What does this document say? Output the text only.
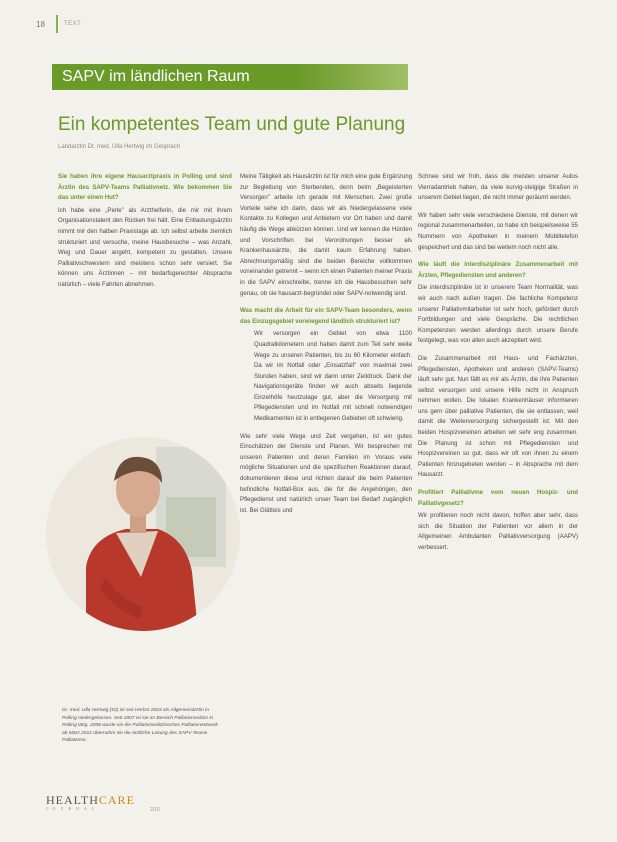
18	TEXT
SAPV im ländlichen Raum
Ein kompetentes Team und gute Planung
Landarztin Dr. med. Ulla Hertwig im Gesprach

Sie haben ihre eigene Hausarztpraxis in Polling und sind Ärztin des SAPV-Teams Palliativnetz. Wie bekommen Sie das unter einen Hut?

Ich habe eine „Perle" als Arzthelferin, die mir mit ihrem Organisationstalent den Rücken frei hält. Eine Entlastungsärztin nimmt mir den halben Praxistage ab. Ich selbst arbeite ziemlich strukturiert und versuche, meine Hausbesuche – was Anzahl, Weg und Dauer angeht, kompetent zu gestalten. Unsere Palliativschwestern sind meistens schon sehr versiert. Sie können uns Ärztinnen – mit bedarfsgerechter Absprache natürlich – viele Fahrten abnehmen.

Meine Tätigkeit als Hausärztin ist für mich eine gute Ergänzung zur Begleitung von Sterbenden, denn beim „Begeisterten Versorgen" arbeite ich gerade mit Menschen. Zwei große Vorteile sehe ich darin, dass wir als Niedergelassene viele Kontakte zu Kollegen und Anbietern vor Ort haben und damit häufig die Wege abkürzen können. Und wir kennen die Hürden und Vorschriften bei Verordnungen besser als Krankenhausärzte, die damit kaum Erfahrung haben. Abrechnungsmäßig sind die beiden Bereiche vollkommen voneinander getrennt – wenn ich einen Patienten meiner Praxis in die SAPV einschreibe, trenne ich die Hausbesuchen sehr genau, ob sie hausarzt-begründet oder SAPV-notwendig sind.

Was macht die Arbeit für ein SAPV-Team besonders, wenn das Einzugsgebiet vorwiegend ländlich strukturiert ist?

Wir versorgen ein Gebiet von etwa 1100 Quadratkilometern und haben damit zum Teil sehr weite Wege zu unseren Patienten, bis zu 60 Kilometer einfach. Da wir im Notfall oder „Einsatzfall" von maximal zwei Stunden haben, sind wir dann unter Zeitdruck. Dank der Navigationsgeräte finden wir auch abseits liegende Einzelhöfe heutzutage gut, aber die Versorgung mit Pflegediensten und im Notfall mit schnell notwendigen Medikamenten ist in entlegenen Gebieten oft schwierig.

Wie sehr viele Wege und Zeit vergehen, ist ein gutes Einschätzen der Dienste und Planen. Wir besprechen mit unseren Patienten und deren Familien im Voraus viele mögliche Situationen und die spezifischen Reaktionen darauf, dokumentieren diese und richten darauf die beim Patienten befindliche Notfall-Box aus, die für die Angehörigen, den Pflegedienst und natürlich unser Team bei Bedarf zugänglich ist. Bei Glätteis und

Schnee sind wir froh, dass die meisten unserer Autos Vierradantrieb haben, da viele kurvig-steigige Straßen in unserem Gebiet liegen, die nicht immer geräumt werden.

Wir haben sehr viele verschiedene Dienste, mit denen wir regional zusammenarbeiten, so habe ich beispielsweise 55 Nummern von Apotheken in meinem Mobiltelefon gespeichert und das sind bei weitem noch nicht alle.

Wie läuft die interdisziplinäre Zusammenarbeit mit Ärzten, Pflegediensten und anderen?

Die interdisziplinäre ist in unserem Team Normalität, was wir auch nach außen tragen. Die fachliche Kompetenz unserer Palliativmitarbeiter ist sehr hoch, gefördert durch Fortbildungen und viele Gespräche. Die rechtlichen Kompetenzen werden allerdings durch unsere Berufe festgelegt, was von allen auch akzeptiert wird.

Die Zusammenarbeit mit Haus- und Fachärzten, Pflegediensten, Apotheken und anderen (SAPV-Teams) läuft sehr gut. Nun fällt es mir als Ärztin, die ihre Patienten selbst versorgen und unsere Hilfe nicht in Anspruch nehmen wollen. Die lokalen Krankenhäuser informieren uns gern über palliative Patienten, die sie entlassen, weil damit die Weiterversorgung sichergestellt ist. Mit den beiden Hospizvereinen arbeiten wir sehr eng zusammen. Die Planung ist schon mit Pflegediensten und Hospizvereinen so gut, dass wir oft von ihnen zu einem Patienten hinzugebeten werden – in Absprache mit dem Hausarzt.

Profitiert Palliativme vom neuen Hospiz- und Palliativgesetz?

Wir profitieren noch nicht davon, hoffen aber sehr, dass sich die Situation der Patienten vor allem in der Allgemeinen Ambulanten Palliativversorgung (AAPV) verbessert.

Dr. med. Ulla Hertwig (52) ist seit Herbst 2003 als Allgemeinärztin in Polling niedergelassen. Seit 2007 ist sie im Bereich Palliativmedizin in Polling tätig. 2008 wurde sie die Palliativmedizinisches Palliativnetzwerk ab März 2012 übernahm sie die ärztliche Leitung des SAPV-Teams Palliativme.
HEALTHCARE
JOURNAL	2/16
